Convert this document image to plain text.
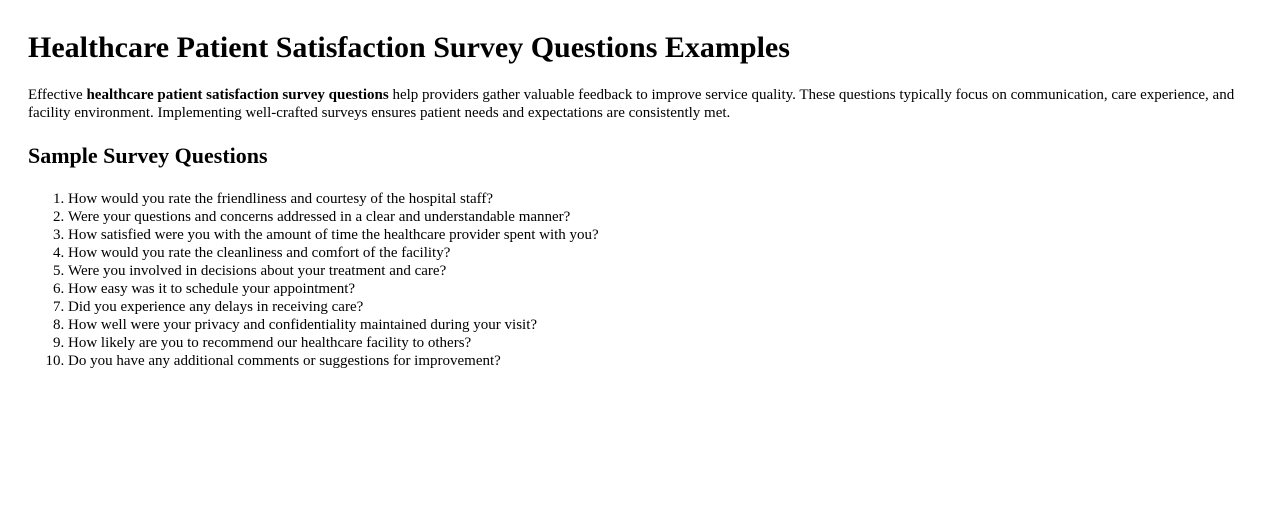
Healthcare Patient Satisfaction Survey Questions Examples

Effective healthcare patient satisfaction survey questions help providers gather valuable feedback to improve service quality. These questions typically focus on communication, care experience, and facility environment. Implementing well-crafted surveys ensures patient needs and expectations are consistently met.

Sample Survey Questions
1. How would you rate the friendliness and courtesy of the hospital staff?
2. Were your questions and concerns addressed in a clear and understandable manner?
3. How satisfied were you with the amount of time the healthcare provider spent with you?
4. How would you rate the cleanliness and comfort of the facility?
5. Were you involved in decisions about your treatment and care?
6. How easy was it to schedule your appointment?
7. Did you experience any delays in receiving care?
8. How well were your privacy and confidentiality maintained during your visit?
9. How likely are you to recommend our healthcare facility to others?
10. Do you have any additional comments or suggestions for improvement?
